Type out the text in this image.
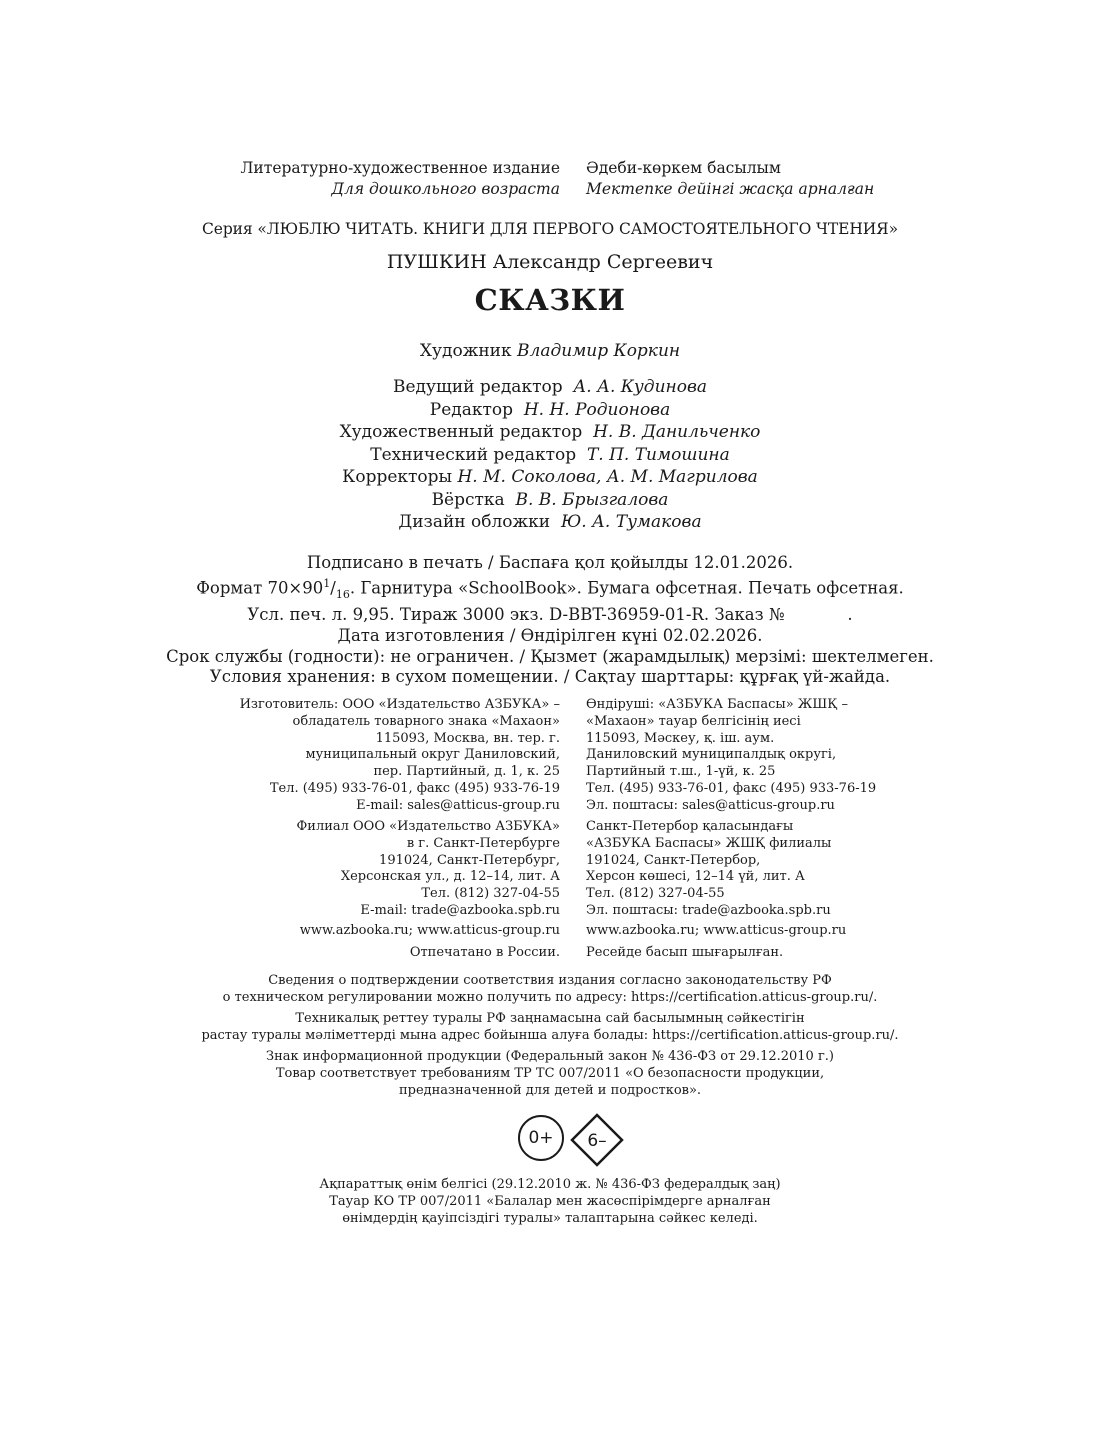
Литературно-художественное издание
Для дошкольного возраста
Әдеби-көркем басылым
Мектепке дейінгі жасқа арналған
Серия «ЛЮБЛЮ ЧИТАТЬ. КНИГИ ДЛЯ ПЕРВОГО САМОСТОЯТЕЛЬНОГО ЧТЕНИЯ»
ПУШКИН Александр Сергеевич
СКАЗКИ
Художник Владимир Коркин
Ведущий редактор А. А. Кудинова
Редактор Н. Н. Родионова
Художественный редактор Н. В. Данильченко
Технический редактор Т. П. Тимошина
Корректоры Н. М. Соколова, А. М. Магрилова
Вёрстка В. В. Брызгалова
Дизайн обложки Ю. А. Тумакова
Подписано в печать / Баспаға қол қойылды 12.01.2026.
Формат $70\times 90^1/_{16}$. Гарнитура «SchoolBook». Бумага офсетная. Печать офсетная.
Усл. печ. л. 9,95. Тираж 3000 экз. D-BBT-36959-01-R. Заказ №            .
Дата изготовления / Өндірілген күні 02.02.2026.
Срок службы (годности): не ограничен. / Қызмет (жарамдылық) мерзімі: шектелмеген.
Условия хранения: в сухом помещении. / Сақтау шарттары: құрғақ үй-жайда.
Изготовитель: ООО «Издательство АЗБУКА» –
обладатель товарного знака «Махаон»
115093, Москва, вн. тер. г.
муниципальный округ Даниловский,
пер. Партийный, д. 1, к. 25
Тел. (495) 933-76-01, факс (495) 933-76-19
E-mail: sales@atticus-group.ru
Өндіруші: «АЗБУКА Баспасы» ЖШҚ –
«Махаон» тауар белгісінің иесі
115093, Мәскеу, қ. іш. аум.
Даниловский муниципалдық округі,
Партийный т.ш., 1-үй, к. 25
Тел. (495) 933-76-01, факс (495) 933-76-19
Эл. поштасы: sales@atticus-group.ru
Филиал ООО «Издательство АЗБУКА»
в г. Санкт-Петербурге
191024, Санкт-Петербург,
Херсонская ул., д. 12–14, лит. А
Тел. (812) 327-04-55
E-mail: trade@azbooka.spb.ru
Санкт-Петербор қаласындағы
«АЗБУКА Баспасы» ЖШҚ филиалы
191024, Санкт-Петербор,
Херсон көшесі, 12–14 үй, лит. А
Тел. (812) 327-04-55
Эл. поштасы: trade@azbooka.spb.ru
www.azbooka.ru; www.atticus-group.ru www.azbooka.ru; www.atticus-group.ru
Отпечатано в России. Ресейде басып шығарылған.
Сведения о подтверждении соответствия издания согласно законодательству РФ
о техническом регулировании можно получить по адресу: https://certification.atticus-group.ru/.
Техникалық реттеу туралы РФ заңнамасына сай басылымның сәйкестігін
растау туралы мәліметтерді мына адрес бойынша алуға болады: https://certification.atticus-group.ru/.
Знак информационной продукции (Федеральный закон № 436-ФЗ от 29.12.2010 г.)
Товар соответствует требованиям ТР ТС 007/2011 «О безопасности продукции,
предназначенной для детей и подростков».
0+	6–
Ақпараттық өнім белгісі (29.12.2010 ж. № 436-ФЗ федералдық заң)
Тауар КО ТР 007/2011 «Балалар мен жасөспірімдерге арналған
өнімдердің қауіпсіздігі туралы» талаптарына сәйкес келеді.
